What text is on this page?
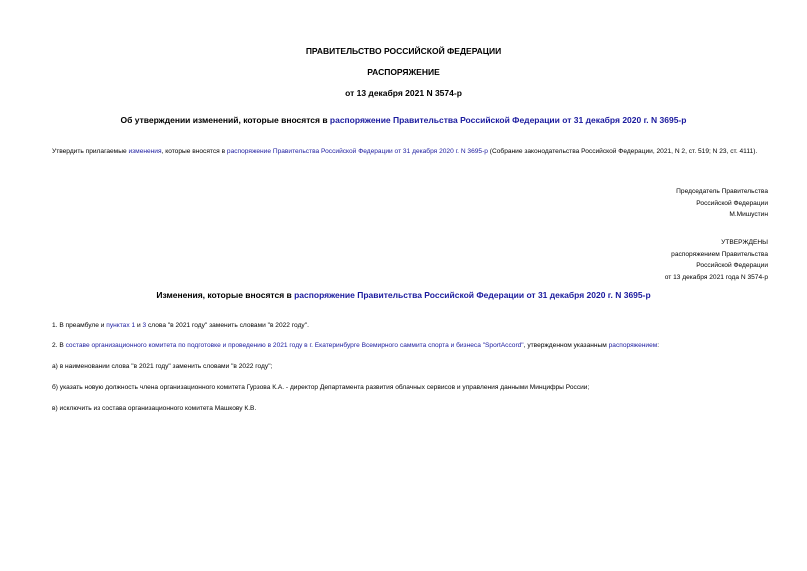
ПРАВИТЕЛЬСТВО РОССИЙСКОЙ ФЕДЕРАЦИИ
РАСПОРЯЖЕНИЕ
от 13 декабря 2021 N 3574-р
Об утверждении изменений, которые вносятся в распоряжение Правительства Российской Федерации от 31 декабря 2020 г. N 3695-р
Утвердить прилагаемые изменения, которые вносятся в распоряжение Правительства Российской Федерации от 31 декабря 2020 г. N 3695-р (Собрание законодательства Российской Федерации, 2021, N 2, ст. 519; N 23, ст. 4111).
Председатель Правительства
Российской Федерации
М.Мишустин
УТВЕРЖДЕНЫ
распоряжением Правительства
Российской Федерации
от 13 декабря 2021 года N 3574-р
Изменения, которые вносятся в распоряжение Правительства Российской Федерации от 31 декабря 2020 г. N 3695-р
1. В преамбуле и пунктах 1 и 3 слова "в 2021 году" заменить словами "в 2022 году".
2. В составе организационного комитета по подготовке и проведению в 2021 году в г. Екатеринбурге Всемирного саммита спорта и бизнеса "SportAccord", утвержденном указанным распоряжением:
а) в наименовании слова "в 2021 году" заменить словами "в 2022 году";
б) указать новую должность члена организационного комитета Гурзова К.А. - директор Департамента развития облачных сервисов и управления данными Минцифры России;
в) исключить из состава организационного комитета Машкову К.В.
